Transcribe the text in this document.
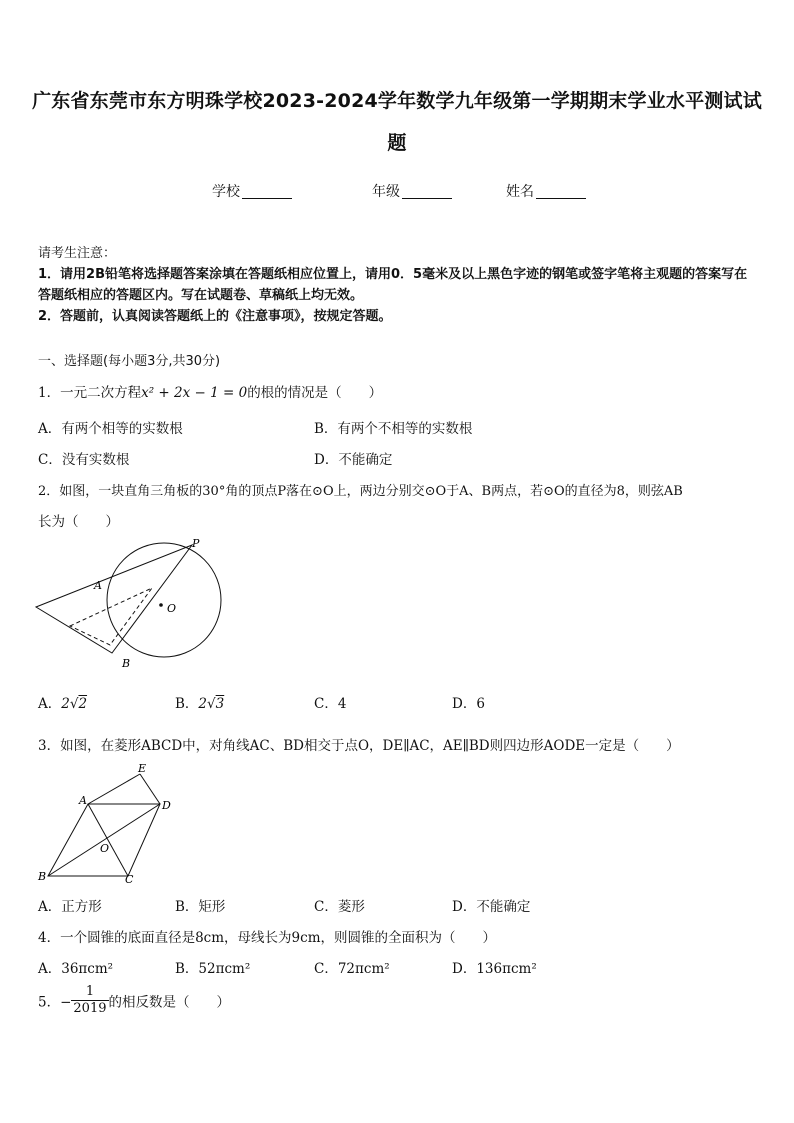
广东省东莞市东方明珠学校2023-2024学年数学九年级第一学期期末学业水平测试试
题
学校	年级	姓名
请考生注意：
1．请用2B铅笔将选择题答案涂填在答题纸相应位置上，请用0．5毫米及以上黑色字迹的钢笔或签字笔将主观题的答案写在答题纸相应的答题区内。写在试题卷、草稿纸上均无效。
2．答题前，认真阅读答题纸上的《注意事项》，按规定答题。
一、选择题(每小题3分,共30分)
1．一元二次方程x² + 2x − 1 = 0的根的情况是（　　）
A．有两个相等的实数根	B．有两个不相等的实数根
C．没有实数根	D．不能确定
2．如图，一块直角三角板的30°角的顶点P落在⊙O上，两边分别交⊙O于A、B两点，若⊙O的直径为8，则弦AB
长为（　　）
P
A
O
B
A．2√2	B．2√3	C．4	D．6
3．如图，在菱形ABCD中，对角线AC、BD相交于点O，DE∥AC，AE∥BD则四边形AODE一定是（　　）
E
A	D
O
B	C
A．正方形	B．矩形	C．菱形	D．不能确定
4．一个圆锥的底面直径是8cm，母线长为9cm，则圆锥的全面积为（　　）
A．36πcm²	B．52πcm²	C．72πcm²	D．136πcm²
5．− $\frac{1}{2019}$ 的相反数是（　　）
